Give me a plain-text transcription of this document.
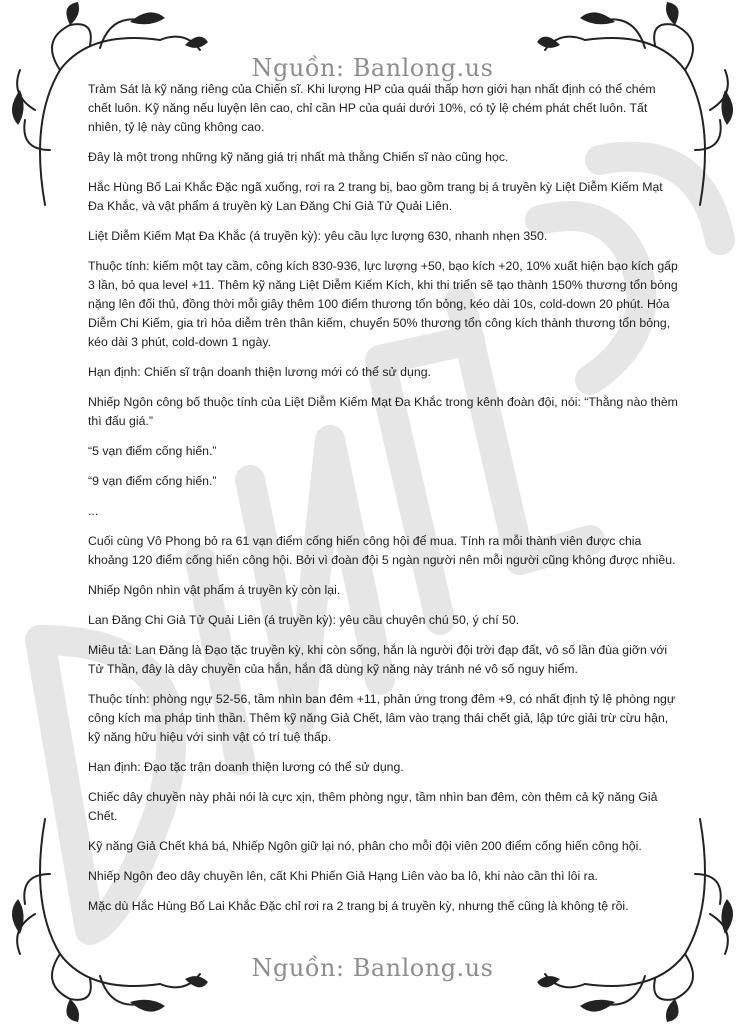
Nguồn: Banlong.us

Trảm Sát là kỹ năng riêng của Chiến sĩ. Khi lượng HP của quái thấp hơn giới hạn nhất định có thể chém chết luôn. Kỹ năng nếu luyện lên cao, chỉ cần HP của quái dưới 10%, có tỷ lệ chém phát chết luôn. Tất nhiên, tỷ lệ này cũng không cao.

Đây là một trong những kỹ năng giá trị nhất mà thằng Chiến sĩ nào cũng học.

Hắc Hùng Bố Lai Khắc Đặc ngã xuống, rơi ra 2 trang bị, bao gồm trang bị á truyền kỳ Liệt Diễm Kiếm Mạt Đa Khắc, và vật phẩm á truyền kỳ Lan Đăng Chi Giả Tử Quải Liên.

Liệt Diễm Kiếm Mạt Đa Khắc (á truyền kỳ): yêu cầu lực lượng 630, nhanh nhẹn 350.

Thuộc tính: kiếm một tay cầm, công kích 830-936, lực lượng +50, bạo kích +20, 10% xuất hiện bạo kích gấp 3 lần, bỏ qua level +11. Thêm kỹ năng Liệt Diễm Kiếm Kích, khi thi triển sẽ tạo thành 150% thương tổn bỏng nặng lên đối thủ, đồng thời mỗi giây thêm 100 điểm thương tổn bỏng, kéo dài 10s, cold-down 20 phút. Hỏa Diễm Chi Kiếm, gia trì hỏa diễm trên thân kiếm, chuyển 50% thương tổn công kích thành thương tổn bỏng, kéo dài 3 phút, cold-down 1 ngày.

Hạn định: Chiến sĩ trận doanh thiện lương mới có thể sử dụng.

Nhiếp Ngôn công bố thuộc tính của Liệt Diễm Kiếm Mạt Đa Khắc trong kênh đoàn đội, nói: “Thằng nào thèm thì đấu giá.”

“5 vạn điểm cống hiến.”

“9 vạn điểm cống hiến.”

...

Cuối cùng Vô Phong bỏ ra 61 vạn điểm cống hiến công hội để mua. Tính ra mỗi thành viên được chia khoảng 120 điểm cống hiến công hội. Bởi vì đoàn đội 5 ngàn người nên mỗi người cũng không được nhiều.

Nhiếp Ngôn nhìn vật phẩm á truyền kỳ còn lại.

Lan Đăng Chi Giả Tử Quải Liên (á truyền kỳ): yêu cầu chuyên chú 50, ý chí 50.

Miêu tả: Lan Đăng là Đạo tặc truyền kỳ, khi còn sống, hắn là người đội trời đạp đất, vô số lần đùa giỡn với Tử Thần, đây là dây chuyền của hắn, hắn đã dùng kỹ năng này tránh né vô số nguy hiểm.

Thuộc tính: phòng ngự 52-56, tầm nhìn ban đêm +11, phản ứng trong đêm +9, có nhất định tỷ lệ phòng ngự công kích ma pháp tinh thần. Thêm kỹ năng Giả Chết, lâm vào trạng thái chết giả, lập tức giải trừ cừu hận, kỹ năng hữu hiệu với sinh vật có trí tuệ thấp.

Hạn định: Đạo tặc trận doanh thiện lương có thể sử dụng.

Chiếc dây chuyền này phải nói là cực xịn, thêm phòng ngự, tầm nhìn ban đêm, còn thêm cả kỹ năng Giả Chết.

Kỹ năng Giả Chết khá bá, Nhiếp Ngôn giữ lại nó, phân cho mỗi đội viên 200 điểm cống hiến công hội.

Nhiếp Ngôn đeo dây chuyền lên, cất Khi Phiến Giả Hạng Liên vào ba lô, khi nào cần thì lôi ra.

Mặc dù Hắc Hùng Bố Lai Khắc Đặc chỉ rơi ra 2 trang bị á truyền kỳ, nhưng thế cũng là không tệ rồi.

Nguồn: Banlong.us
